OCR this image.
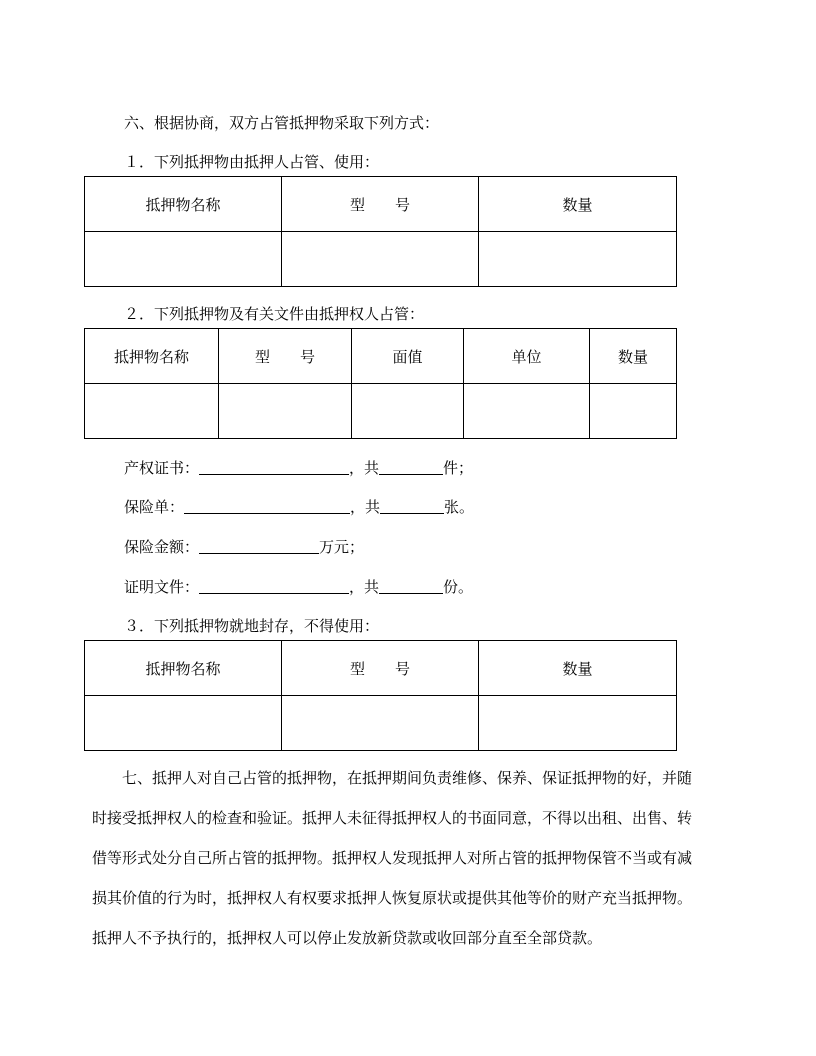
六、根据协商，双方占管抵押物采取下列方式：
１．下列抵押物由抵押人占管、使用：
抵押物名称	型　　号	数量

２．下列抵押物及有关文件由抵押权人占管：
抵押物名称	型　　号	面值	单位	数量

产权证书：	，共	件；
保险单：	，共	张。
保险金额：	万元；
证明文件：	，共	份。
３．下列抵押物就地封存，不得使用：
抵押物名称	型　　号	数量

　　七、抵押人对自己占管的抵押物，在抵押期间负责维修、保养、保证抵押物的好，并随

时接受抵押权人的检查和验证。抵押人未征得抵押权人的书面同意，不得以出租、出售、转

借等形式处分自己所占管的抵押物。抵押权人发现抵押人对所占管的抵押物保管不当或有减

损其价值的行为时，抵押权人有权要求抵押人恢复原状或提供其他等价的财产充当抵押物。

抵押人不予执行的，抵押权人可以停止发放新贷款或收回部分直至全部贷款。
